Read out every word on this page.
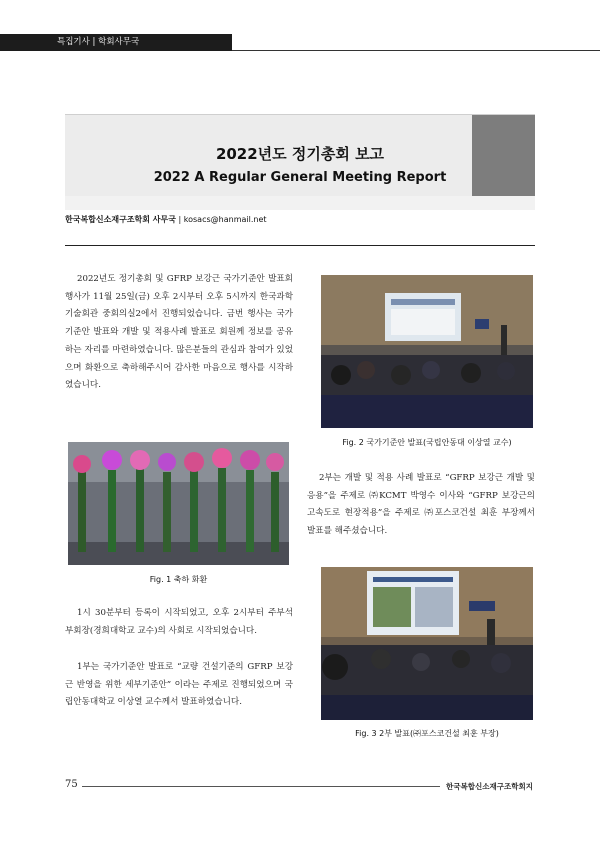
특집기사 | 학회사무국
2022년도 정기총회 보고
2022 A Regular General Meeting Report
한국복합신소재구조학회 사무국 | kosacs@hanmail.net

2022년도 정기총회 및 GFRP 보강근 국가기준안 발표회 행사가 11월 25일(금) 오후 2시부터 오후 5시까지 한국과학기술회관 중회의실2에서 진행되었습니다. 금번 행사는 국가기준안 발표와 개발 및 적용사례 발표로 회원께 정보를 공유하는 자리를 마련하였습니다. 많은분들의 관심과 참여가 있었으며 화환으로 축하해주시어 감사한 마음으로 행사를 시작하였습니다.

Fig. 1 축하 화환

1시 30분부터 등록이 시작되었고, 오후 2시부터 주부석 부회장(경희대학교 교수)의 사회로 시작되었습니다.

1부는 국가기준안 발표로 “교량 건설기준의 GFRP 보강근 반영을 위한 세부기준안” 이라는 주제로 진행되었으며 국립안동대학교 이상열 교수께서 발표하였습니다.

Fig. 2 국가기준안 발표(국립안동대 이상열 교수)

2부는 개발 및 적용 사례 발표로 “GFRP 보강근 개발 및 응용”을 주제로 ㈜KCMT 박영수 이사와 “GFRP 보강근의 고속도로 현장적용”을 주제로 ㈜포스코건설 최훈 부장께서 발표를 해주셨습니다.

Fig. 3 2부 발표(㈜포스코건설 최훈 부장)
75	한국복합신소재구조학회지
